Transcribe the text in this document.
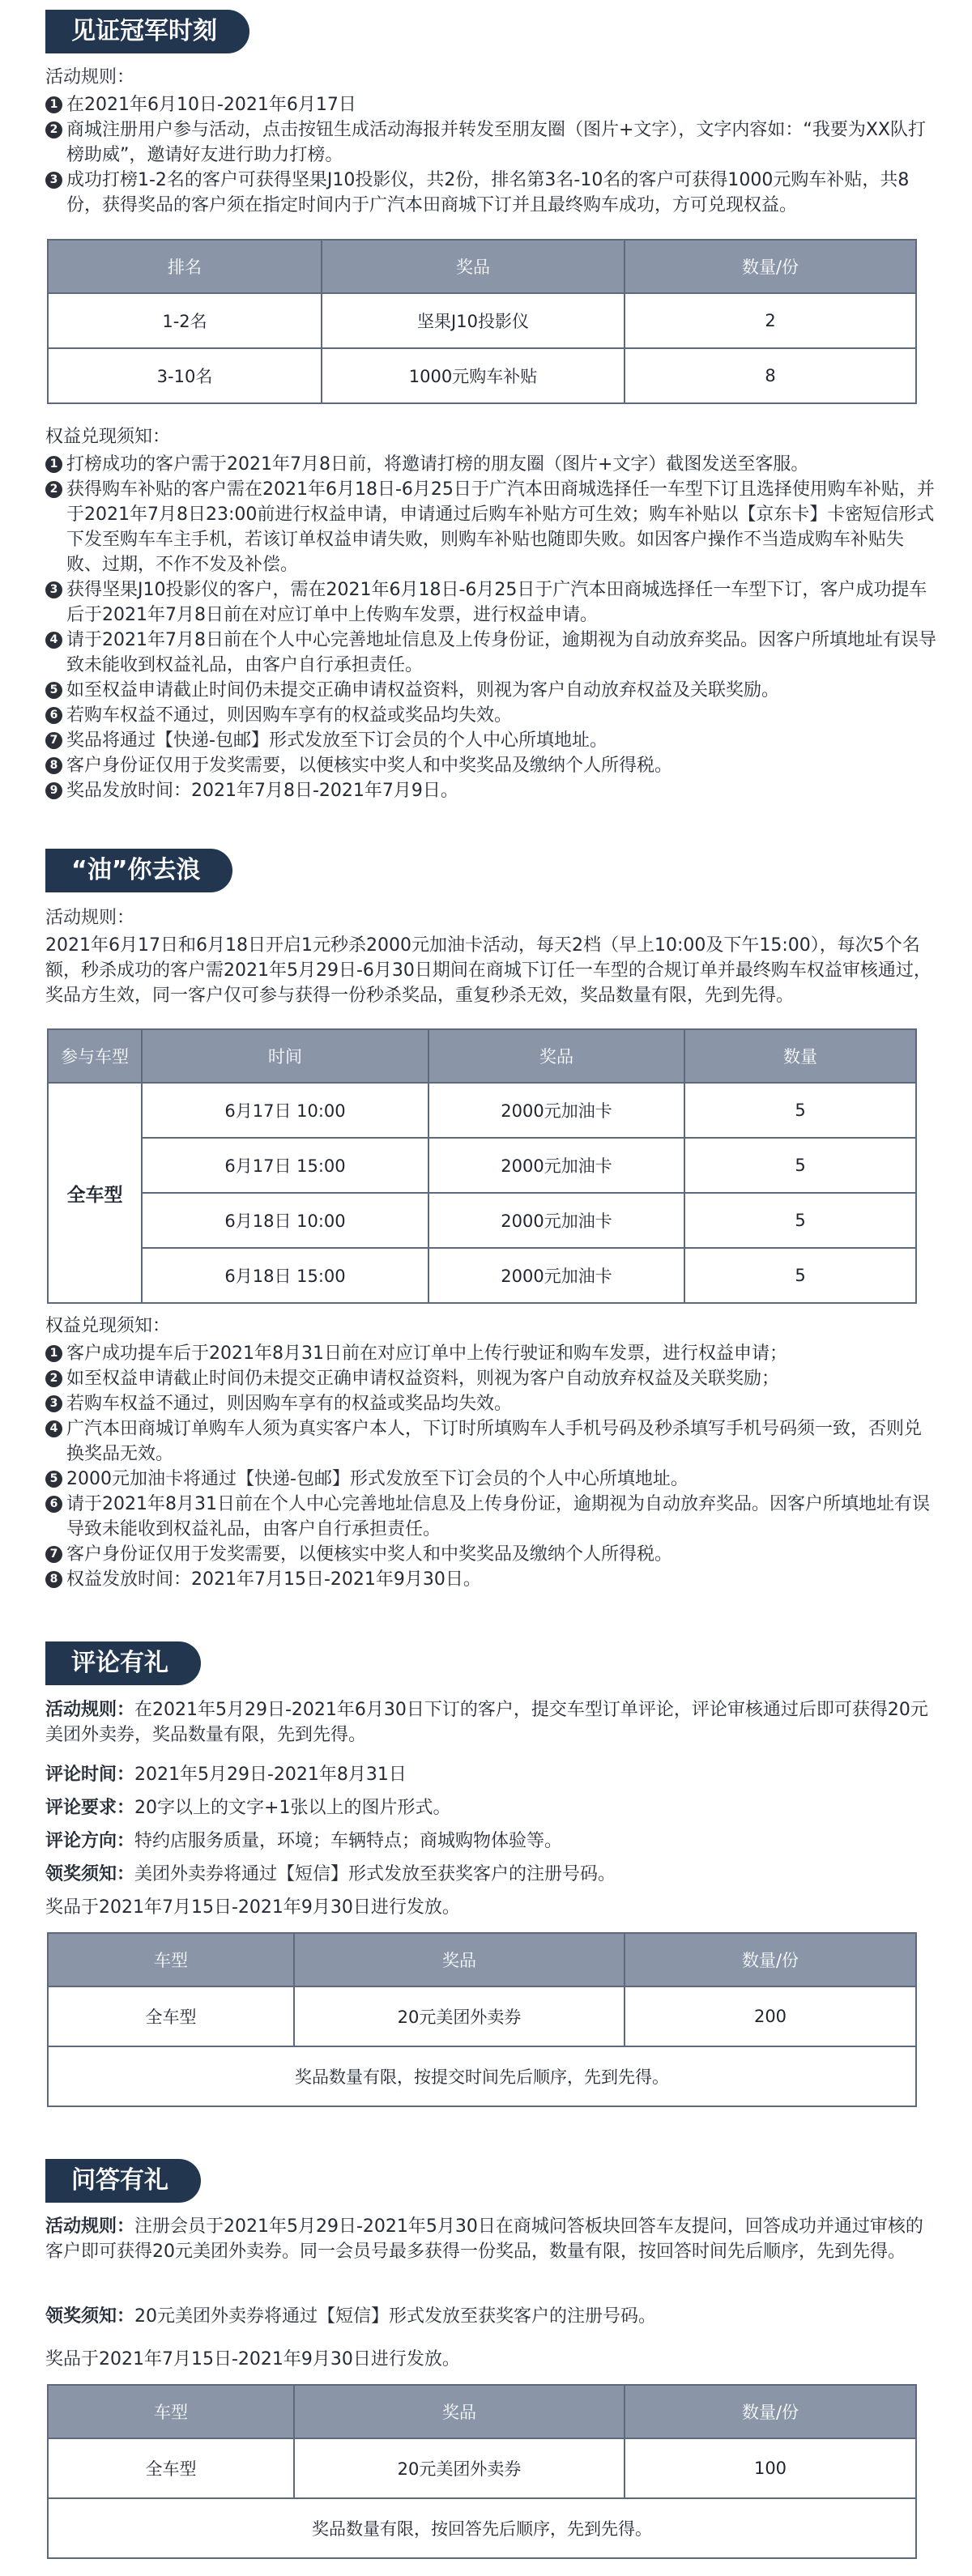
见证冠军时刻
活动规则：
1 在2021年6月10日-2021年6月17日
2 商城注册用户参与活动，点击按钮生成活动海报并转发至朋友圈（图片+文字），文字内容如：“我要为XX队打榜助威”，邀请好友进行助力打榜。
3 成功打榜1-2名的客户可获得坚果J10投影仪，共2份，排名第3名-10名的客户可获得1000元购车补贴，共8份，获得奖品的客户须在指定时间内于广汽本田商城下订并且最终购车成功，方可兑现权益。
排名	奖品	数量/份
1-2名	坚果J10投影仪	2
3-10名	1000元购车补贴	8
权益兑现须知：
1 打榜成功的客户需于2021年7月8日前，将邀请打榜的朋友圈（图片+文字）截图发送至客服。
2 获得购车补贴的客户需在2021年6月18日-6月25日于广汽本田商城选择任一车型下订且选择使用购车补贴，并于2021年7月8日23:00前进行权益申请，申请通过后购车补贴方可生效；购车补贴以【京东卡】卡密短信形式下发至购车车主手机，若该订单权益申请失败，则购车补贴也随即失败。如因客户操作不当造成购车补贴失败、过期，不作不发及补偿。
3 获得坚果J10投影仪的客户，需在2021年6月18日-6月25日于广汽本田商城选择任一车型下订，客户成功提车后于2021年7月8日前在对应订单中上传购车发票，进行权益申请。
4 请于2021年7月8日前在个人中心完善地址信息及上传身份证，逾期视为自动放弃奖品。因客户所填地址有误导致未能收到权益礼品，由客户自行承担责任。
5 如至权益申请截止时间仍未提交正确申请权益资料，则视为客户自动放弃权益及关联奖励。
6 若购车权益不通过，则因购车享有的权益或奖品均失效。
7 奖品将通过【快递-包邮】形式发放至下订会员的个人中心所填地址。
8 客户身份证仅用于发奖需要，以便核实中奖人和中奖奖品及缴纳个人所得税。
9 奖品发放时间：2021年7月8日-2021年7月9日。
“油”你去浪
活动规则：
2021年6月17日和6月18日开启1元秒杀2000元加油卡活动，每天2档（早上10:00及下午15:00），每次5个名额，秒杀成功的客户需2021年5月29日-6月30日期间在商城下订任一车型的合规订单并最终购车权益审核通过，奖品方生效，同一客户仅可参与获得一份秒杀奖品，重复秒杀无效，奖品数量有限，先到先得。
参与车型	时间	奖品	数量
全车型	6月17日 10:00	2000元加油卡	5
	6月17日 15:00	2000元加油卡	5
	6月18日 10:00	2000元加油卡	5
	6月18日 15:00	2000元加油卡	5
权益兑现须知：
1 客户成功提车后于2021年8月31日前在对应订单中上传行驶证和购车发票，进行权益申请；
2 如至权益申请截止时间仍未提交正确申请权益资料，则视为客户自动放弃权益及关联奖励；
3 若购车权益不通过，则因购车享有的权益或奖品均失效。
4 广汽本田商城订单购车人须为真实客户本人，下订时所填购车人手机号码及秒杀填写手机号码须一致，否则兑换奖品无效。
5 2000元加油卡将通过【快递-包邮】形式发放至下订会员的个人中心所填地址。
6 请于2021年8月31日前在个人中心完善地址信息及上传身份证，逾期视为自动放弃奖品。因客户所填地址有误导致未能收到权益礼品，由客户自行承担责任。
7 客户身份证仅用于发奖需要，以便核实中奖人和中奖奖品及缴纳个人所得税。
8 权益发放时间：2021年7月15日-2021年9月30日。
评论有礼
活动规则：在2021年5月29日-2021年6月30日下订的客户，提交车型订单评论，评论审核通过后即可获得20元美团外卖券，奖品数量有限，先到先得。
评论时间：2021年5月29日-2021年8月31日
评论要求：20字以上的文字+1张以上的图片形式。
评论方向：特约店服务质量，环境；车辆特点；商城购物体验等。
领奖须知：美团外卖券将通过【短信】形式发放至获奖客户的注册号码。
奖品于2021年7月15日-2021年9月30日进行发放。
车型	奖品	数量/份
全车型	20元美团外卖券	200
奖品数量有限，按提交时间先后顺序，先到先得。		
问答有礼
活动规则：注册会员于2021年5月29日-2021年5月30日在商城问答板块回答车友提问，回答成功并通过审核的客户即可获得20元美团外卖券。同一会员号最多获得一份奖品，数量有限，按回答时间先后顺序，先到先得。
领奖须知：20元美团外卖券将通过【短信】形式发放至获奖客户的注册号码。
奖品于2021年7月15日-2021年9月30日进行发放。
车型	奖品	数量/份
全车型	20元美团外卖券	100
奖品数量有限，按回答先后顺序，先到先得。		
